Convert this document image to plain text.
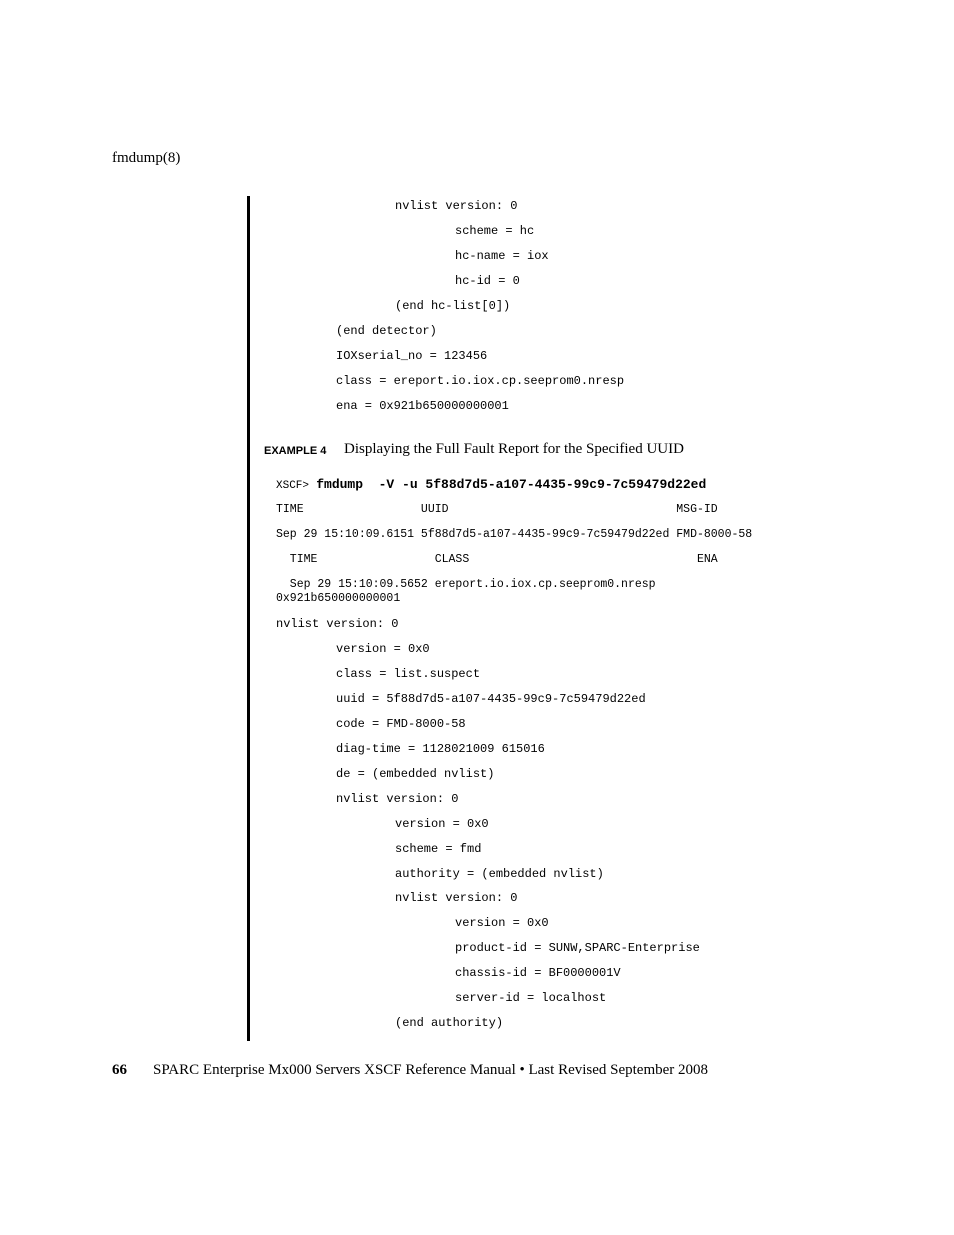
fmdump(8)
nvlist version: 0
scheme = hc
hc-name = iox
hc-id = 0
(end hc-list[0])
(end detector)
IOXserial_no = 123456
class = ereport.io.iox.cp.seeprom0.nresp
ena = 0x921b650000000001
EXAMPLE 4 Displaying the Full Fault Report for the Specified UUID
XSCF> fmdump  -V -u 5f88d7d5-a107-4435-99c9-7c59479d22ed
TIME                 UUID                                 MSG-ID
Sep 29 15:10:09.6151 5f88d7d5-a107-4435-99c9-7c59479d22ed FMD-8000-58
TIME                 CLASS                                 ENA
Sep 29 15:10:09.5652 ereport.io.iox.cp.seeprom0.nresp
0x921b650000000001
nvlist version: 0
version = 0x0
class = list.suspect
uuid = 5f88d7d5-a107-4435-99c9-7c59479d22ed
code = FMD-8000-58
diag-time = 1128021009 615016
de = (embedded nvlist)
nvlist version: 0
version = 0x0
scheme = fmd
authority = (embedded nvlist)
nvlist version: 0
version = 0x0
product-id = SUNW,SPARC-Enterprise
chassis-id = BF0000001V
server-id = localhost
(end authority)
66 SPARC Enterprise Mx000 Servers XSCF Reference Manual • Last Revised September 2008
